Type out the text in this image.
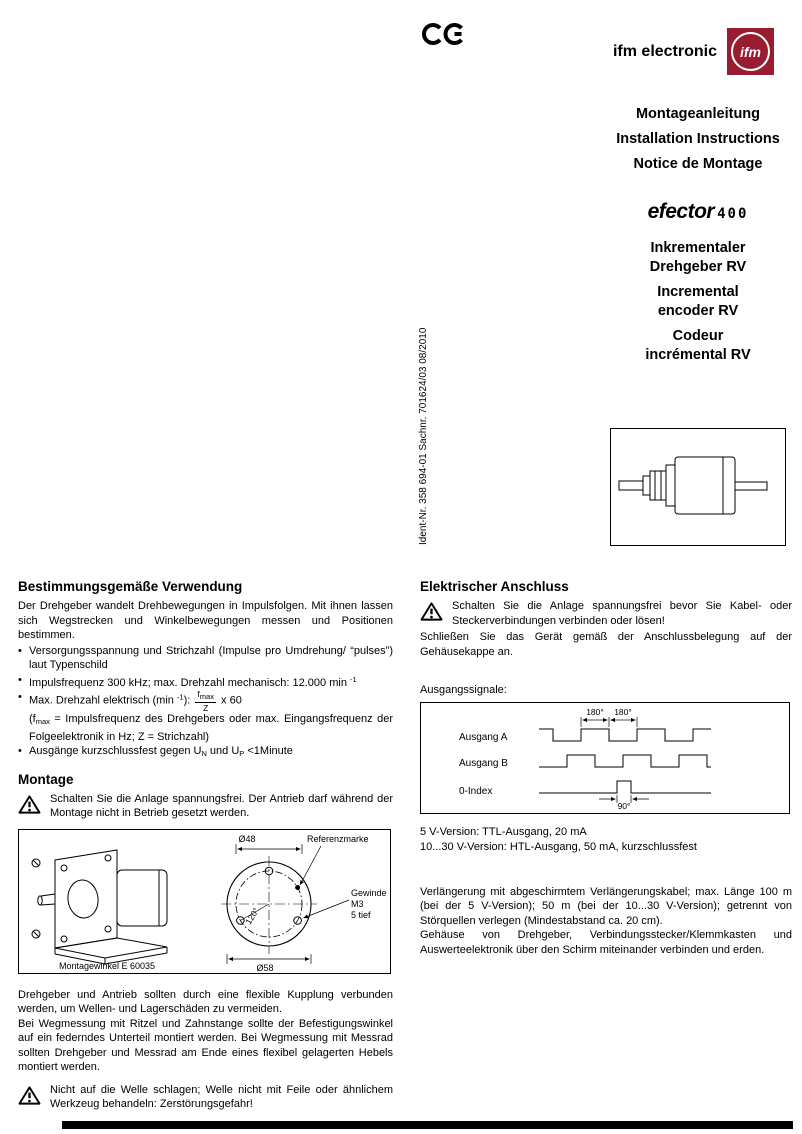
ifm electronic	ifm
Montageanleitung
Installation Instructions
Notice de Montage
efector 400
Inkrementaler
Drehgeber RV
Incremental
encoder RV
Codeur
incrémental RV
Ident-Nr. 358 694-01 Sachnr. 701624/03 08/2010
Bestimmungsgemäße Verwendung

Der Drehgeber wandelt Drehbewegungen in Impulsfolgen. Mit ihnen lassen sich Wegstrecken und Winkelbewegungen messen und Positionen bestimmen.

• Versorgungsspannung und Strichzahl (Impulse pro Umdrehung/ “pulses”) laut Typenschild
• Impulsfrequenz 300 kHz; max. Drehzahl mechanisch: 12.000 min $^{-1}$
• Max. Drehzahl elektrisch (min $^{-1}$): $\frac{f_{max}}{Z}$ x 60
($f_{max}$ = Impulsfrequenz des Drehgebers oder max. Eingangsfrequenz der Folgeelektronik in Hz; Z = Strichzahl)
• Ausgänge kurzschlussfest gegen $U_N$ und $U_P$ <1Minute
Montage
Schalten Sie die Anlage spannungsfrei. Der Antrieb darf während der Montage nicht in Betrieb gesetzt werden.
Ø48	Referenzmarke
Gewinde
M3
5 tief
120°
Ø58
Montagewinkel E 60035

Drehgeber und Antrieb sollten durch eine flexible Kupplung verbunden werden, um Wellen- und Lagerschäden zu vermeiden.

Bei Wegmessung mit Ritzel und Zahnstange sollte der Befestigungswinkel auf ein federndes Unterteil montiert werden. Bei Wegmessung mit Messrad sollten Drehgeber und Messrad am Ende eines flexibel gelagerten Hebels montiert werden.

Nicht auf die Welle schlagen; Welle nicht mit Feile oder ähnlichem Werkzeug behandeln: Zerstörungsgefahr!
Elektrischer Anschluss
Schalten Sie die Anlage spannungsfrei bevor Sie Kabel- oder Steckerverbindungen verbinden oder lösen!

Schließen Sie das Gerät gemäß der Anschlussbelegung auf der Gehäusekappe an.

Ausgangssignale:

Ausgang A
Ausgang B
0-Index
180° 180°
90°

5 V-Version: TTL-Ausgang, 20 mA

10...30 V-Version: HTL-Ausgang, 50 mA, kurzschlussfest

Verlängerung mit abgeschirmtem Verlängerungskabel; max. Länge 100 m (bei der 5 V-Version); 50 m (bei der 10...30 V-Version); getrennt von Störquellen verlegen (Mindestabstand ca. 20 cm).

Gehäuse von Drehgeber, Verbindungsstecker/Klemmkasten und Auswerteelektronik über den Schirm miteinander verbinden und erden.
